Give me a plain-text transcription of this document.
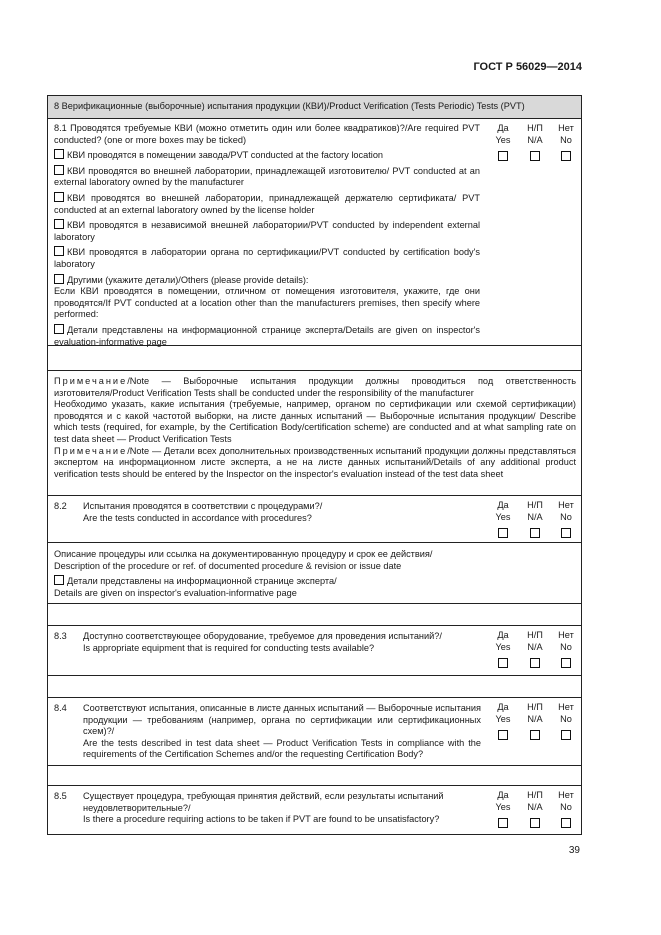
ГОСТ Р 56029—2014
8 Верификационные (выборочные) испытания продукции (КВИ)/Product Verification (Tests Periodic) Tests (PVT)

8.1 Проводятся требуемые КВИ (можно отметить один или более квадратиков)?/Are required PVT conducted? (one or more boxes may be ticked)

КВИ проводятся в помещении завода/PVT conducted at the factory location

КВИ проводятся во внешней лаборатории, принадлежащей изготовителю/ PVT conducted at an external laboratory owned by the manufacturer

КВИ проводятся во внешней лаборатории, принадлежащей держателю сертификата/ PVT conducted at an external laboratory owned by the license holder

КВИ проводятся в независимой внешней лаборатории/PVT conducted by independent external laboratory

КВИ проводятся в лаборатории органа по сертификации/PVT conducted by certification body's laboratory

Другими (укажите детали)/Others (please provide details):

Если КВИ проводятся в помещении, отличном от помещения изготовителя, укажите, где они проводятся/If PVT conducted at a location other than the manufacturers premises, then specify where performed:

Детали представлены на информационной странице эксперта/Details are given on inspector's evaluation-informative page

Да
Yes
Н/П
N/A
Нет
No

Примечание/Note — Выборочные испытания продукции должны проводиться под ответственность изготовителя/Product Verification Tests shall be conducted under the responsibility of the manufacturer

Необходимо указать, какие испытания (требуемые, например, органом по сертификации или схемой сертификации) проводятся и с какой частотой выборки, на листе данных испытаний — Выборочные испытания продукции/ Describe which tests (required, for example, by the Certification Body/certification scheme) are conducted and at what sampling rate on test data sheet — Product Verification Tests

Примечание/Note — Детали всех дополнительных производственных испытаний продукции должны представляться экспертом на информационном листе эксперта, а не на листе данных испытаний/Details of any additional product verification tests should be entered by the Inspector on the inspector's evaluation instead of the test data sheet

8.2 Испытания проводятся в соответствии с процедурами?/
Are the tests conducted in accordance with procedures?
Да
Yes
Н/П
N/A
Нет
No
Описание процедуры или ссылка на документированную процедуру и срок ее действия/
Description of the procedure or ref. of documented procedure & revision or issue date

Детали представлены на информационной странице эксперта/
Details are given on inspector's evaluation-informative page

8.3 Доступно соответствующее оборудование, требуемое для проведения испытаний?/
Is appropriate equipment that is required for conducting tests available?
Да
Yes
Н/П
N/A
Нет
No
8.4 Соответствуют испытания, описанные в листе данных испытаний — Выборочные испытания продукции — требованиям (например, органа по сертификации или сертификационных схем)?/
Are the tests described in test data sheet — Product Verification Tests in compliance with the requirements of the Certification Schemes and/or the requesting Certification Body?
Да
Yes
Н/П
N/A
Нет
No
8.5 Существует процедура, требующая принятия действий, если результаты испытаний неудовлетворительные?/
Is there a procedure requiring actions to be taken if PVT are found to be unsatisfactory?
Да
Yes
Н/П
N/A
Нет
No
39
